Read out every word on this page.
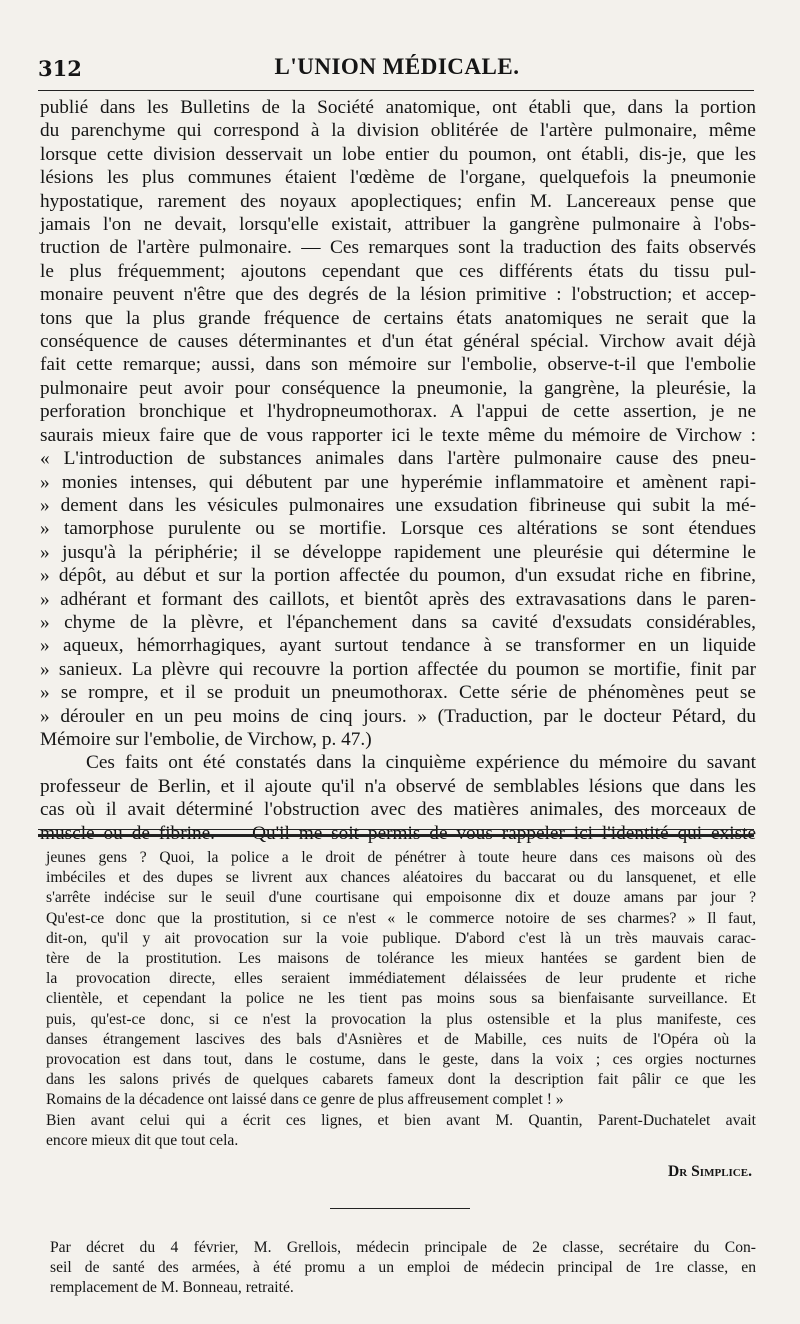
312	L'UNION MÉDICALE.
publié dans les Bulletins de la Société anatomique, ont établi que, dans la portion
du parenchyme qui correspond à la division oblitérée de l'artère pulmonaire, même
lorsque cette division desservait un lobe entier du poumon, ont établi, dis-je, que les
lésions les plus communes étaient l'œdème de l'organe, quelquefois la pneumonie
hypostatique, rarement des noyaux apoplectiques; enfin M. Lancereaux pense que
jamais l'on ne devait, lorsqu'elle existait, attribuer la gangrène pulmonaire à l'obs-
truction de l'artère pulmonaire. — Ces remarques sont la traduction des faits observés
le plus fréquemment; ajoutons cependant que ces différents états du tissu pul-
monaire peuvent n'être que des degrés de la lésion primitive : l'obstruction; et accep-
tons que la plus grande fréquence de certains états anatomiques ne serait que la
conséquence de causes déterminantes et d'un état général spécial. Virchow avait déjà
fait cette remarque; aussi, dans son mémoire sur l'embolie, observe-t-il que l'embolie
pulmonaire peut avoir pour conséquence la pneumonie, la gangrène, la pleurésie, la
perforation bronchique et l'hydropneumothorax. A l'appui de cette assertion, je ne
saurais mieux faire que de vous rapporter ici le texte même du mémoire de Virchow :
« L'introduction de substances animales dans l'artère pulmonaire cause des pneu-
» monies intenses, qui débutent par une hyperémie inflammatoire et amènent rapi-
» dement dans les vésicules pulmonaires une exsudation fibrineuse qui subit la mé-
» tamorphose purulente ou se mortifie. Lorsque ces altérations se sont étendues
» jusqu'à la périphérie; il se développe rapidement une pleurésie qui détermine le
» dépôt, au début et sur la portion affectée du poumon, d'un exsudat riche en fibrine,
» adhérant et formant des caillots, et bientôt après des extravasations dans le paren-
» chyme de la plèvre, et l'épanchement dans sa cavité d'exsudats considérables,
» aqueux, hémorrhagiques, ayant surtout tendance à se transformer en un liquide
» sanieux. La plèvre qui recouvre la portion affectée du poumon se mortifie, finit par
» se rompre, et il se produit un pneumothorax. Cette série de phénomènes peut se
» dérouler en un peu moins de cinq jours. » (Traduction, par le docteur Pétard, du
Mémoire sur l'embolie, de Virchow, p. 47.)
Ces faits ont été constatés dans la cinquième expérience du mémoire du savant
professeur de Berlin, et il ajoute qu'il n'a observé de semblables lésions que dans les
cas où il avait déterminé l'obstruction avec des matières animales, des morceaux de
muscle ou de fibrine. — Qu'il me soit permis de vous rappeler ici l'identité qui existe
jeunes gens ? Quoi, la police a le droit de pénétrer à toute heure dans ces maisons où des
imbéciles et des dupes se livrent aux chances aléatoires du baccarat ou du lansquenet, et elle
s'arrête indécise sur le seuil d'une courtisane qui empoisonne dix et douze amans par jour ?
Qu'est-ce donc que la prostitution, si ce n'est « le commerce notoire de ses charmes? » Il faut,
dit-on, qu'il y ait provocation sur la voie publique. D'abord c'est là un très mauvais carac-
tère de la prostitution. Les maisons de tolérance les mieux hantées se gardent bien de
la provocation directe, elles seraient immédiatement délaissées de leur prudente et riche
clientèle, et cependant la police ne les tient pas moins sous sa bienfaisante surveillance. Et
puis, qu'est-ce donc, si ce n'est la provocation la plus ostensible et la plus manifeste, ces
danses étrangement lascives des bals d'Asnières et de Mabille, ces nuits de l'Opéra où la
provocation est dans tout, dans le costume, dans le geste, dans la voix ; ces orgies nocturnes
dans les salons privés de quelques cabarets fameux dont la description fait pâlir ce que les
Romains de la décadence ont laissé dans ce genre de plus affreusement complet ! »
Bien avant celui qui a écrit ces lignes, et bien avant M. Quantin, Parent-Duchatelet avait
encore mieux dit que tout cela.
Dr Simplice.
Par décret du 4 février, M. Grellois, médecin principale de 2e classe, secrétaire du Con-
seil de santé des armées, à été promu a un emploi de médecin principal de 1re classe, en
remplacement de M. Bonneau, retraité.
